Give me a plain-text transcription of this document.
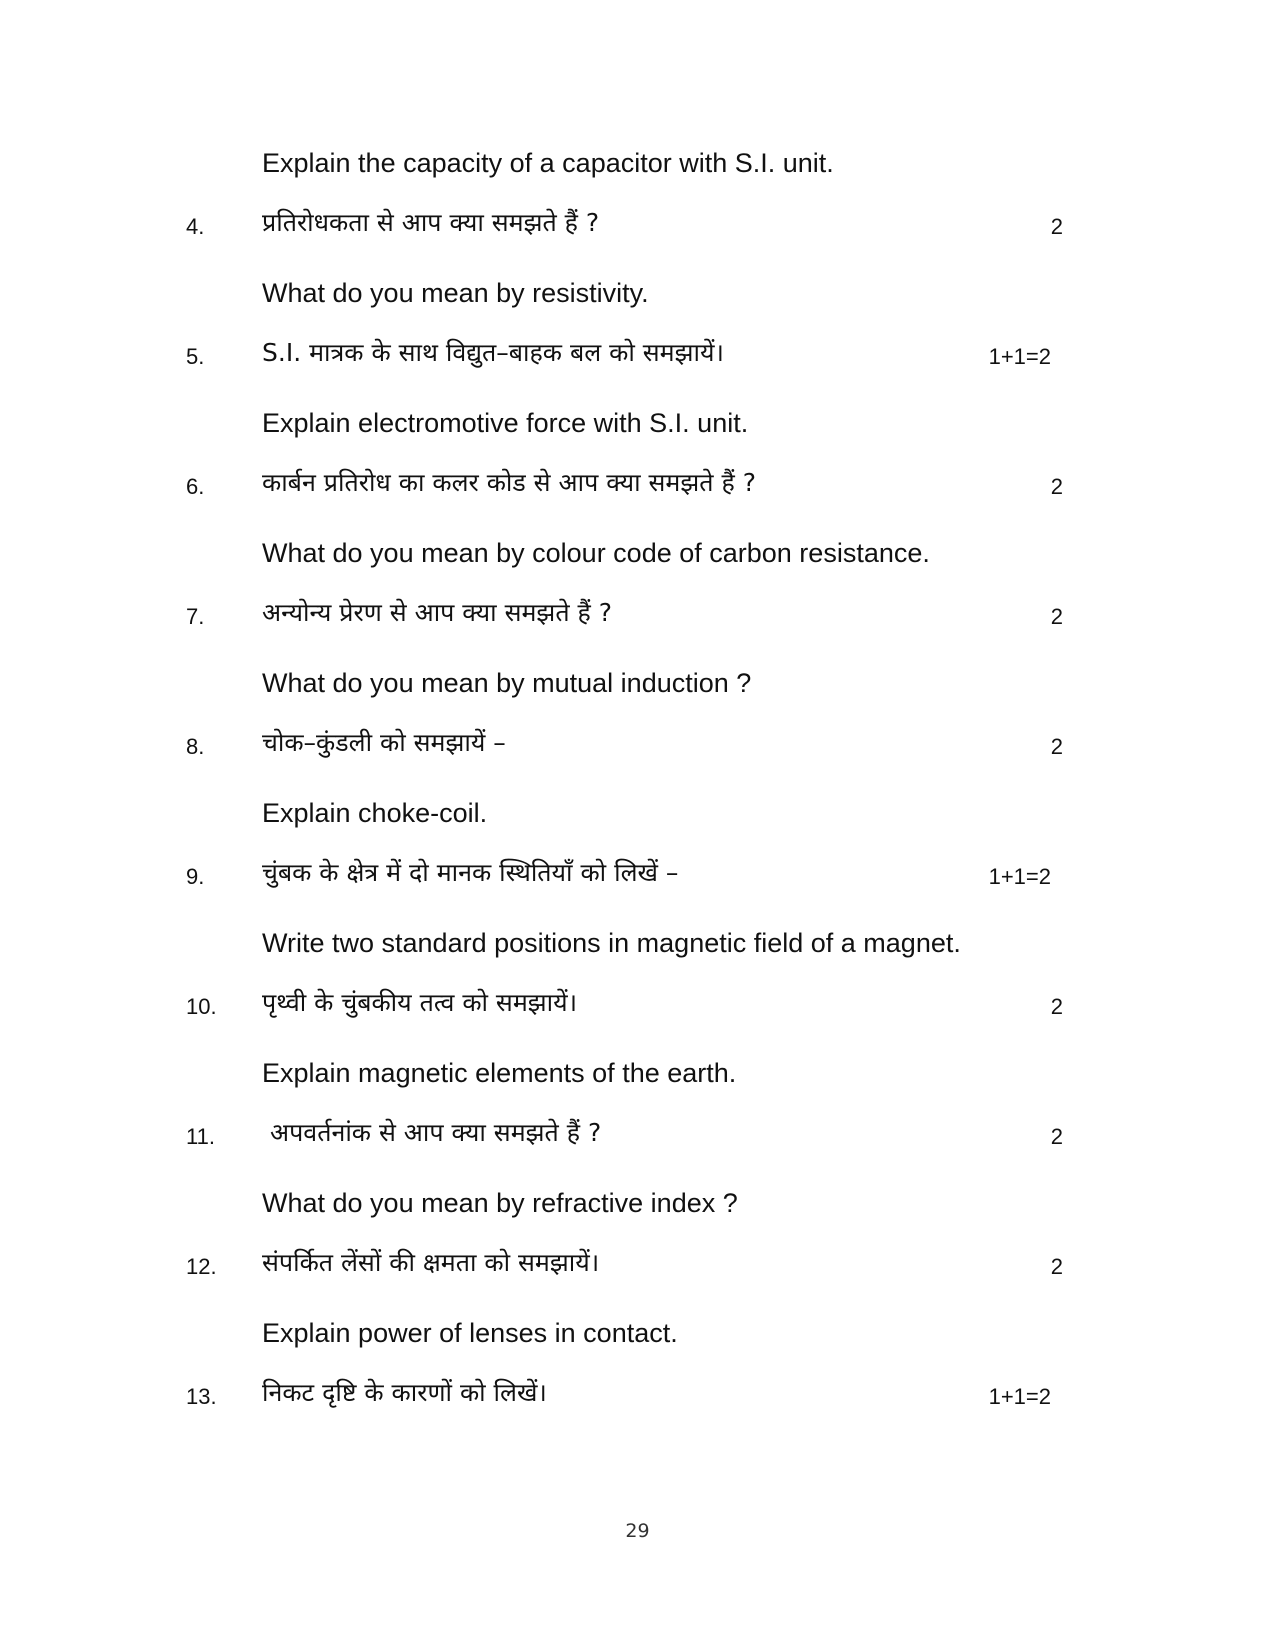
Explain the capacity of a capacitor with S.I. unit.
4. प्रतिरोधकता से आप क्या समझते हैं ?	2
What do you mean by resistivity.
5. S.I. मात्रक के साथ विद्युत–बाहक बल को समझायें।	1+1=2
Explain electromotive force with S.I. unit.
6. कार्बन प्रतिरोध का कलर कोड से आप क्या समझते हैं ?	2
What do you mean by colour code of carbon resistance.
7. अन्योन्य प्रेरण से आप क्या समझते हैं ?	2
What do you mean by mutual induction ?
8. चोक–कुंडली को समझायें –	2
Explain choke-coil.
9. चुंबक के क्षेत्र में दो मानक स्थितियाँ को लिखें –	1+1=2
Write two standard positions in magnetic field of a magnet.
10. पृथ्वी के चुंबकीय तत्व को समझायें।	2
Explain magnetic elements of the earth.
11. अपवर्तनांक से आप क्या समझते हैं ?	2
What do you mean by refractive index ?
12. संपर्कित लेंसों की क्षमता को समझायें।	2
Explain power of lenses in contact.
13. निकट दृष्टि के कारणों को लिखें।	1+1=2
29
